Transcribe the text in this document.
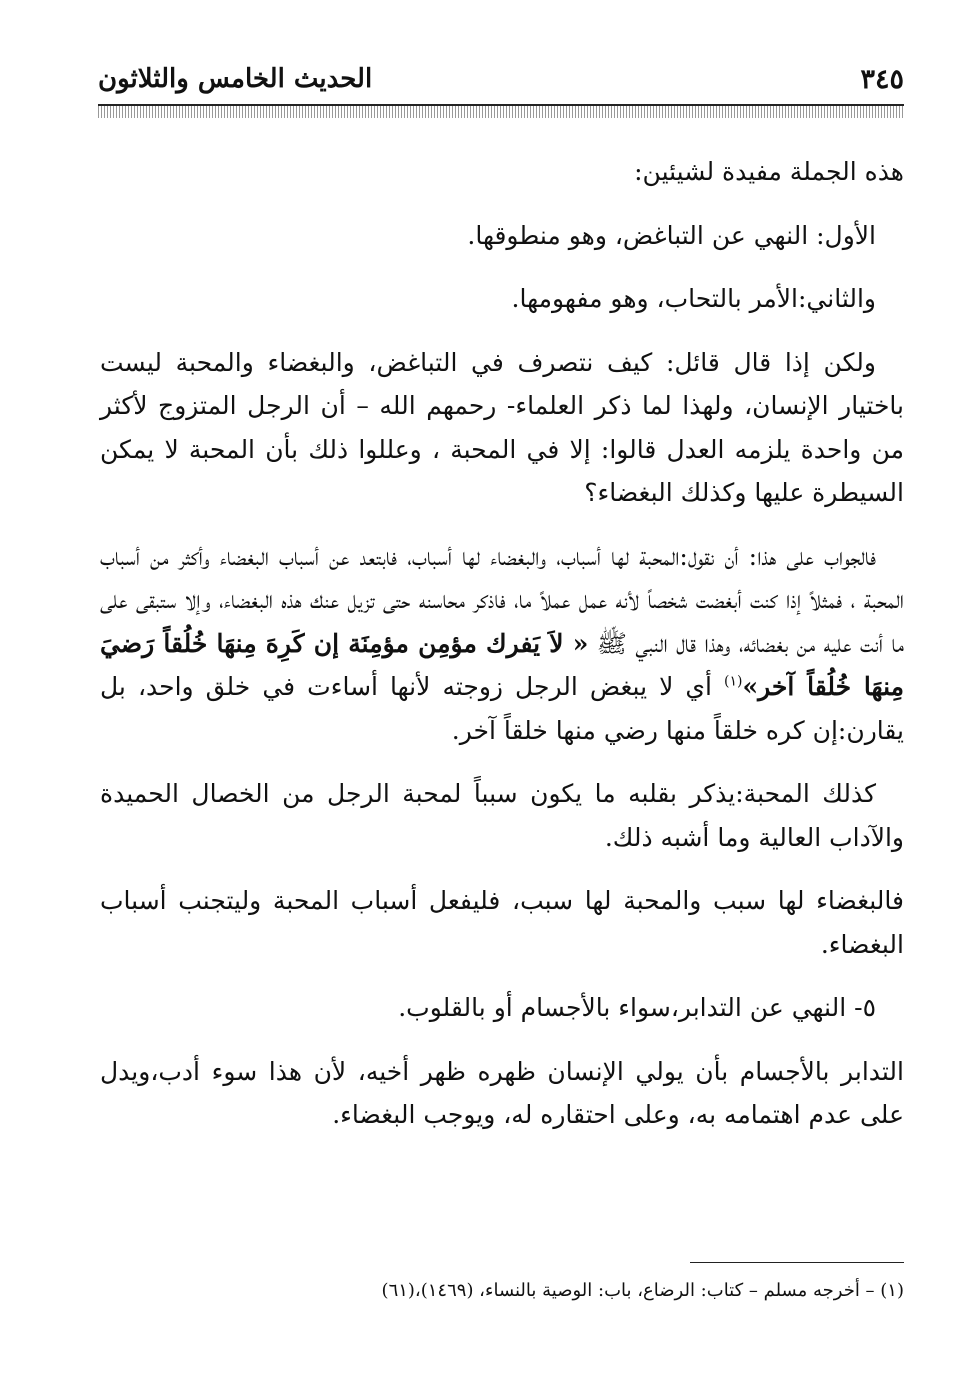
٣٤٥
الحديث الخامس والثلاثون

هذه الجملة مفيدة لشيئين:

الأول: النهي عن التباغض، وهو منطوقها.

والثاني:الأمر بالتحاب، وهو مفهومها.

ولكن إذا قال قائل: كيف نتصرف في التباغض، والبغضاء والمحبة ليست باختيار الإنسان، ولهذا لما ذكر العلماء- رحمهم الله – أن الرجل المتزوج لأكثر من واحدة يلزمه العدل قالوا: إلا في المحبة ، وعللوا ذلك بأن المحبة لا يمكن السيطرة عليها وكذلك البغضاء؟

فالجواب على هذا: أن نقول:المحبة لها أسباب، والبغضاء لها أسباب، فابتعد عن أسباب البغضاء وأكثر من أسباب المحبة ، فمثلاً إذا كنت أبغضت شخصاً لأنه عمل عملاً ما، فاذكر محاسنه حتى تزيل عنك هذه البغضاء، وإلا ستبقى على ما أنت عليه من بغضائه، وهذا قال النبي ﷺ « لاَ يَفرك مؤمِن مؤمِنَة إن كَرِهَ مِنهَا خُلُقاً رَضيَ مِنهَا خُلُقاً آخر»$^{(١)}$ أي لا يبغض الرجل زوجته لأنها أساءت في خلق واحد، بل يقارن:إن كره خلقاً منها رضي منها خلقاً آخر.

كذلك المحبة:يذكر بقلبه ما يكون سبباً لمحبة الرجل من الخصال الحميدة والآداب العالية وما أشبه ذلك.

فالبغضاء لها سبب والمحبة لها سبب، فليفعل أسباب المحبة وليتجنب أسباب البغضاء.

٥- النهي عن التدابر،سواء بالأجسام أو بالقلوب.

التدابر بالأجسام بأن يولي الإنسان ظهره ظهر أخيه، لأن هذا سوء أدب،ويدل على عدم اهتمامه به، وعلى احتقاره له، ويوجب البغضاء.

(١) – أخرجه مسلم – كتاب: الرضاع، باب: الوصية بالنساء، (١٤٦٩)،(٦١)
